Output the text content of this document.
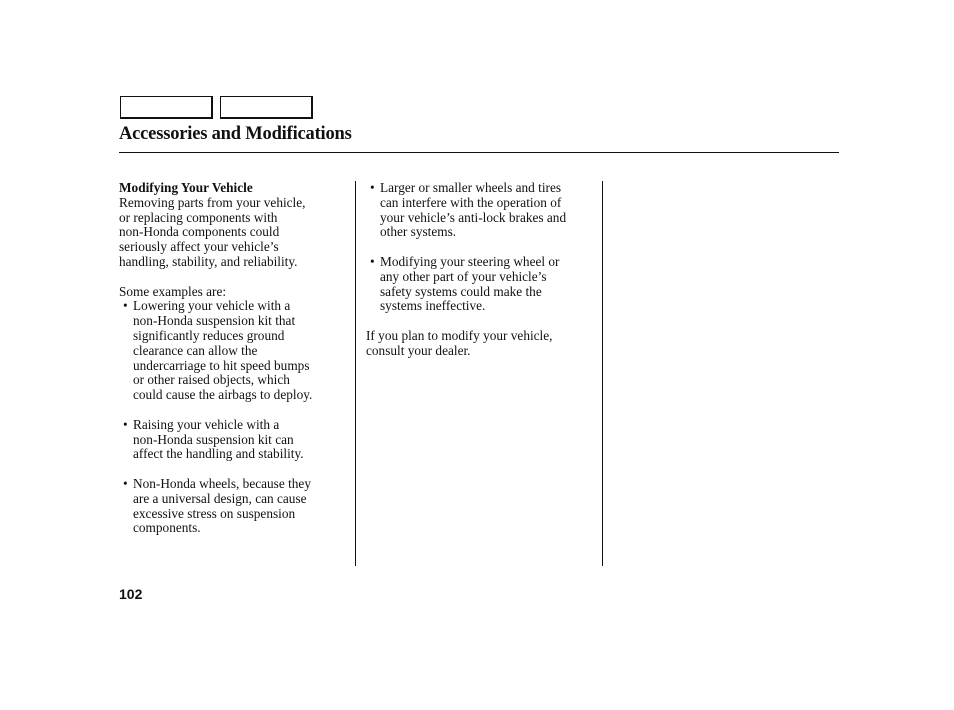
Accessories and Modifications

Modifying Your Vehicle

Removing parts from your vehicle,
or replacing components with
non-Honda components could
seriously affect your vehicle’s
handling, stability, and reliability.

Some examples are:

• Lowering your vehicle with a
non-Honda suspension kit that
significantly reduces ground
clearance can allow the
undercarriage to hit speed bumps
or other raised objects, which
could cause the airbags to deploy.
• Raising your vehicle with a
non-Honda suspension kit can
affect the handling and stability.
• Non-Honda wheels, because they
are a universal design, can cause
excessive stress on suspension
components.
• Larger or smaller wheels and tires
can interfere with the operation of
your vehicle’s anti-lock brakes and
other systems.
• Modifying your steering wheel or
any other part of your vehicle’s
safety systems could make the
systems ineffective.

If you plan to modify your vehicle,
consult your dealer.

102
